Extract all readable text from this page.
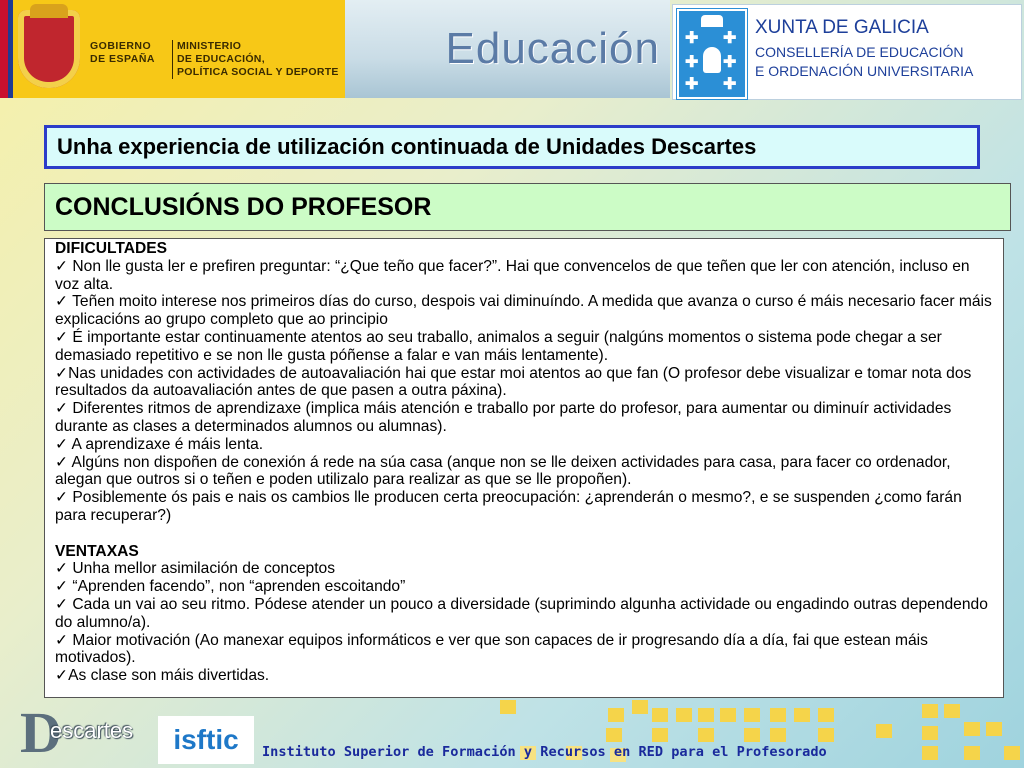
GOBIERNO
DE ESPAÑA
MINISTERIO
DE EDUCACIÓN,
POLÍTICA SOCIAL Y DEPORTE Educación ✚ ✚
✚ ✚
✚ ✚
XUNTA DE GALICIA
CONSELLERÍA DE EDUCACIÓN
E ORDENACIÓN UNIVERSITARIA
Unha experiencia de utilización continuada de Unidades Descartes
CONCLUSIÓNS DO PROFESOR
DIFICULTADES

✓ Non lle gusta ler e prefiren preguntar: “¿Que teño que facer?”. Hai que convencelos de que teñen que ler con atención, incluso en voz alta.

✓ Teñen moito interese nos primeiros días do curso, despois vai diminuíndo. A medida que avanza o curso é máis necesario facer máis explicacións ao grupo completo que ao principio

✓ É importante estar continuamente atentos ao seu traballo, animalos a seguir (nalgúns momentos o sistema pode chegar a ser demasiado repetitivo e se non lle gusta póñense a falar e van máis lentamente).

✓Nas unidades con actividades de autoavaliación hai que estar moi atentos ao que fan (O profesor debe visualizar e tomar nota dos resultados da autoavaliación antes de que pasen a outra páxina).

✓ Diferentes ritmos de aprendizaxe (implica máis atención e traballo por parte do profesor, para aumentar ou diminuír actividades durante as clases a determinados alumnos ou alumnas).

✓ A aprendizaxe é máis lenta.

✓ Algúns non dispoñen de conexión á rede na súa casa (anque non se lle deixen actividades para casa, para facer co ordenador, alegan que outros si o teñen e poden utilizalo para realizar as que se lle propoñen).

✓ Posiblemente ós pais e nais os cambios lle producen certa preocupación: ¿aprenderán o mesmo?, e se suspenden ¿como farán para recuperar?)

VENTAXAS

✓ Unha mellor asimilación de conceptos

✓ “Aprenden facendo”, non “aprenden escoitando”

✓ Cada un vai ao seu ritmo. Pódese atender un pouco a diversidade (suprimindo algunha actividade ou engadindo outras dependendo do alumno/a).

✓ Maior motivación (Ao manexar equipos informáticos e ver que son capaces de ir progresando día a día, fai que estean máis motivados).

✓As clase son máis divertidas.

D
escartes isftic Instituto Superior de Formación y Recursos en RED para el Profesorado
